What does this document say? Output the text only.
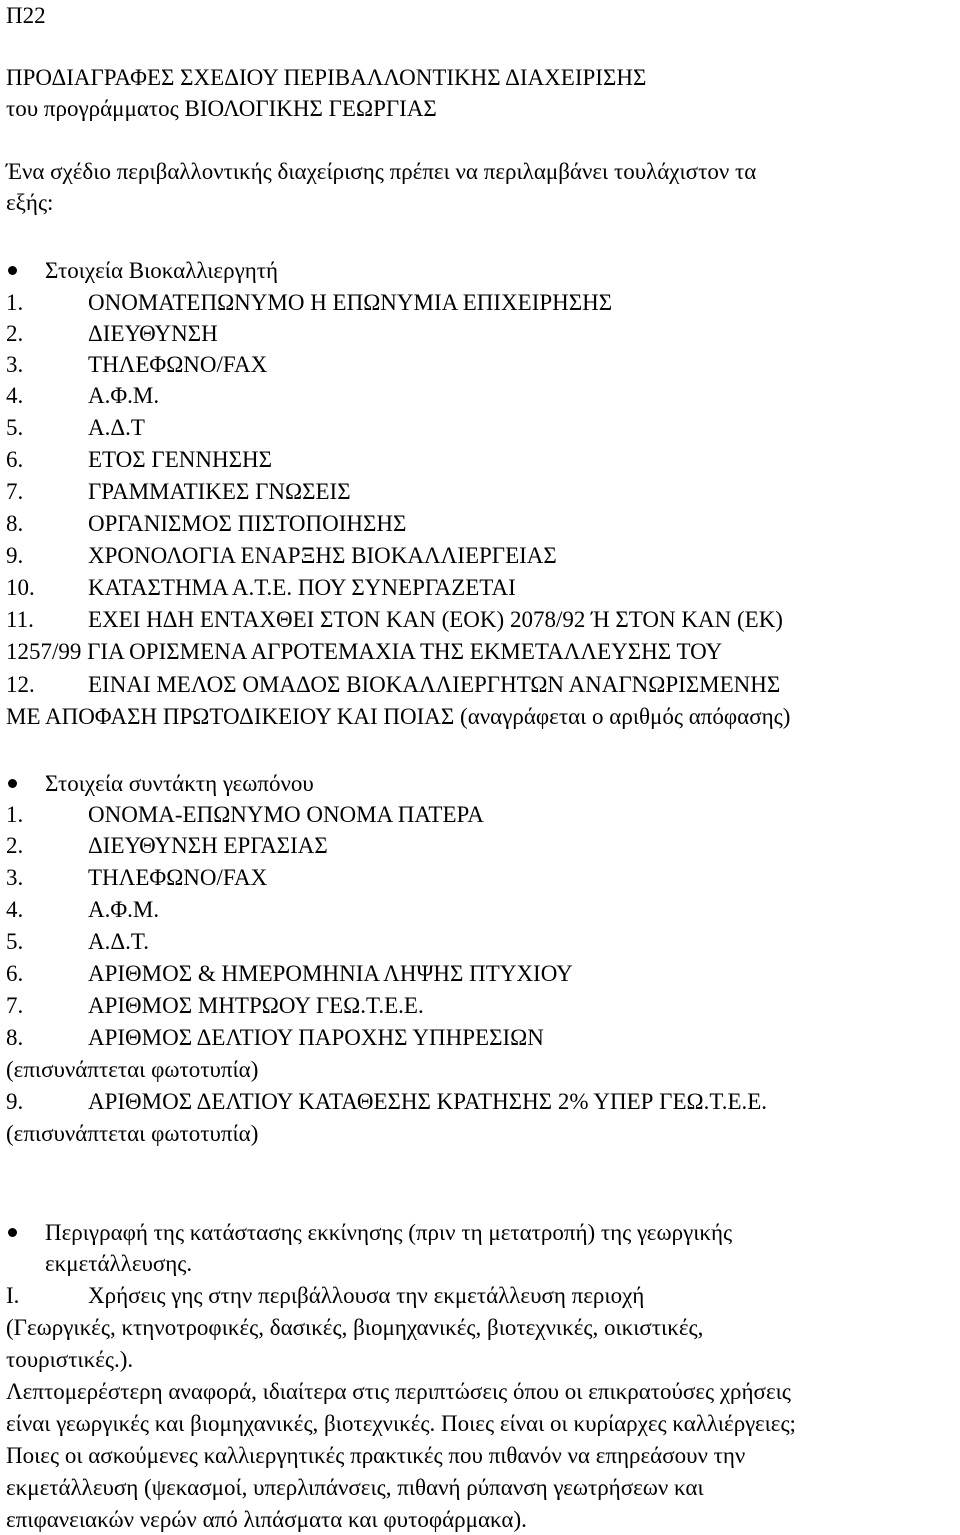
Π22
ΠΡΟΔΙΑΓΡΑΦΕΣ ΣΧΕΔΙΟΥ ΠΕΡΙΒΑΛΛΟΝΤΙΚΗΣ ΔΙΑΧΕΙΡΙΣΗΣ
του προγράμματος ΒΙΟΛΟΓΙΚΗΣ ΓΕΩΡΓΙΑΣ
Ένα σχέδιο περιβαλλοντικής διαχείρισης πρέπει να περιλαμβάνει τουλάχιστον τα
εξής:
Στοιχεία Βιοκαλλιεργητή
1.	ΟΝΟΜΑΤΕΠΩΝΥΜΟ Η ΕΠΩΝΥΜΙΑ ΕΠΙΧΕΙΡΗΣΗΣ
2.	ΔΙΕΥΘΥΝΣΗ
3.	ΤΗΛΕΦΩΝΟ/FAX
4.	Α.Φ.Μ.
5.	Α.Δ.Τ
6.	ΕΤΟΣ ΓΕΝΝΗΣΗΣ
7.	ΓΡΑΜΜΑΤΙΚΕΣ ΓΝΩΣΕΙΣ
8.	ΟΡΓΑΝΙΣΜΟΣ ΠΙΣΤΟΠΟΙΗΣΗΣ
9.	ΧΡΟΝΟΛΟΓΙΑ ΕΝΑΡΞΗΣ ΒΙΟΚΑΛΛΙΕΡΓΕΙΑΣ
10. ΚΑΤΑΣΤΗΜΑ Α.Τ.Ε. ΠΟΥ ΣΥΝΕΡΓΑΖΕΤΑΙ
11. ΕΧΕΙ ΗΔΗ ΕΝΤΑΧΘΕΙ ΣΤΟΝ ΚΑΝ (ΕΟΚ) 2078/92 Ή ΣΤΟΝ ΚΑΝ (ΕΚ)
1257/99 ΓΙΑ ΟΡΙΣΜΕΝΑ ΑΓΡΟΤΕΜΑΧΙΑ ΤΗΣ ΕΚΜΕΤΑΛΛΕΥΣΗΣ ΤΟΥ
12. ΕΙΝΑΙ ΜΕΛΟΣ ΟΜΑΔΟΣ ΒΙΟΚΑΛΛΙΕΡΓΗΤΩΝ ΑΝΑΓΝΩΡΙΣΜΕΝΗΣ
ΜΕ ΑΠΟΦΑΣΗ ΠΡΩΤΟΔΙΚΕΙΟΥ ΚΑΙ ΠΟΙΑΣ (αναγράφεται ο αριθμός απόφασης)
Στοιχεία συντάκτη γεωπόνου
1.	ΟΝΟΜΑ-ΕΠΩΝΥΜΟ ΟΝΟΜΑ ΠΑΤΕΡΑ
2.	ΔΙΕΥΘΥΝΣΗ ΕΡΓΑΣΙΑΣ
3.	ΤΗΛΕΦΩΝΟ/FAX
4.	Α.Φ.Μ.
5.	Α.Δ.Τ.
6.	ΑΡΙΘΜΟΣ & ΗΜΕΡΟΜΗΝΙΑ ΛΗΨΗΣ ΠΤΥΧΙΟΥ
7.	ΑΡΙΘΜΟΣ ΜΗΤΡΩΟΥ ΓΕΩ.Τ.Ε.Ε.
8.	ΑΡΙΘΜΟΣ ΔΕΛΤΙΟΥ ΠΑΡΟΧΗΣ ΥΠΗΡΕΣΙΩΝ
(επισυνάπτεται φωτοτυπία)
9.	ΑΡΙΘΜΟΣ ΔΕΛΤΙΟΥ ΚΑΤΑΘΕΣΗΣ ΚΡΑΤΗΣΗΣ 2% ΥΠΕΡ ΓΕΩ.Τ.Ε.Ε.
(επισυνάπτεται φωτοτυπία)
Περιγραφή της κατάστασης εκκίνησης (πριν τη μετατροπή) της γεωργικής
εκμετάλλευσης.
Ι.	Χρήσεις γης στην περιβάλλουσα την εκμετάλλευση περιοχή
(Γεωργικές, κτηνοτροφικές, δασικές, βιομηχανικές, βιοτεχνικές, οικιστικές,
τουριστικές.).
Λεπτομερέστερη αναφορά, ιδιαίτερα στις περιπτώσεις όπου οι επικρατούσες χρήσεις
είναι γεωργικές και βιομηχανικές, βιοτεχνικές. Ποιες είναι οι κυρίαρχες καλλιέργειες;
Ποιες οι ασκούμενες καλλιεργητικές πρακτικές που πιθανόν να επηρεάσουν την
εκμετάλλευση (ψεκασμοί, υπερλιπάνσεις, πιθανή ρύπανση γεωτρήσεων και
επιφανειακών νερών από λιπάσματα και φυτοφάρμακα).
